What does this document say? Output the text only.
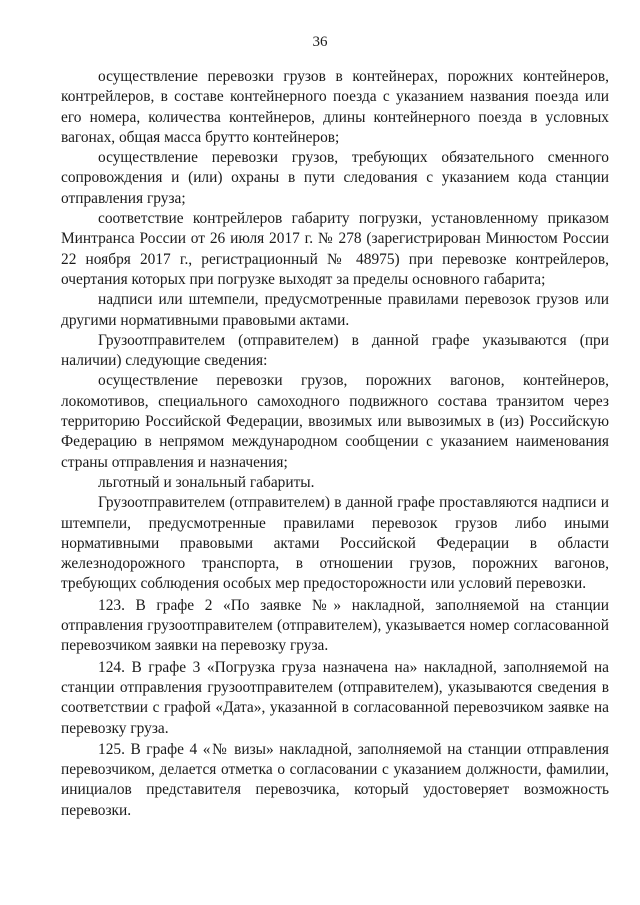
36

осуществление перевозки грузов в контейнерах, порожних контейнеров, контрейлеров, в составе контейнерного поезда с указанием названия поезда или его номера, количества контейнеров, длины контейнерного поезда в условных вагонах, общая масса брутто контейнеров;

осуществление перевозки грузов, требующих обязательного сменного сопровождения и (или) охраны в пути следования с указанием кода станции отправления груза;

соответствие контрейлеров габариту погрузки, установленному приказом Минтранса России от 26 июля 2017 г. № 278 (зарегистрирован Минюстом России 22 ноября 2017 г., регистрационный № 48975) при перевозке контрейлеров, очертания которых при погрузке выходят за пределы основного габарита;

надписи или штемпели, предусмотренные правилами перевозок грузов или другими нормативными правовыми актами.

Грузоотправителем (отправителем) в данной графе указываются (при наличии) следующие сведения:

осуществление перевозки грузов, порожних вагонов, контейнеров, локомотивов, специального самоходного подвижного состава транзитом через территорию Российской Федерации, ввозимых или вывозимых в (из) Российскую Федерацию в непрямом международном сообщении с указанием наименования страны отправления и назначения;

льготный и зональный габариты.

Грузоотправителем (отправителем) в данной графе проставляются надписи и штемпели, предусмотренные правилами перевозок грузов либо иными нормативными правовыми актами Российской Федерации в области железнодорожного транспорта, в отношении грузов, порожних вагонов, требующих соблюдения особых мер предосторожности или условий перевозки.

123. В графе 2 «По заявке №» накладной, заполняемой на станции отправления грузоотправителем (отправителем), указывается номер согласованной перевозчиком заявки на перевозку груза.

124. В графе 3 «Погрузка груза назначена на» накладной, заполняемой на станции отправления грузоотправителем (отправителем), указываются сведения в соответствии с графой «Дата», указанной в согласованной перевозчиком заявке на перевозку груза.

125. В графе 4 «№ визы» накладной, заполняемой на станции отправления перевозчиком, делается отметка о согласовании с указанием должности, фамилии, инициалов представителя перевозчика, который удостоверяет возможность перевозки.
